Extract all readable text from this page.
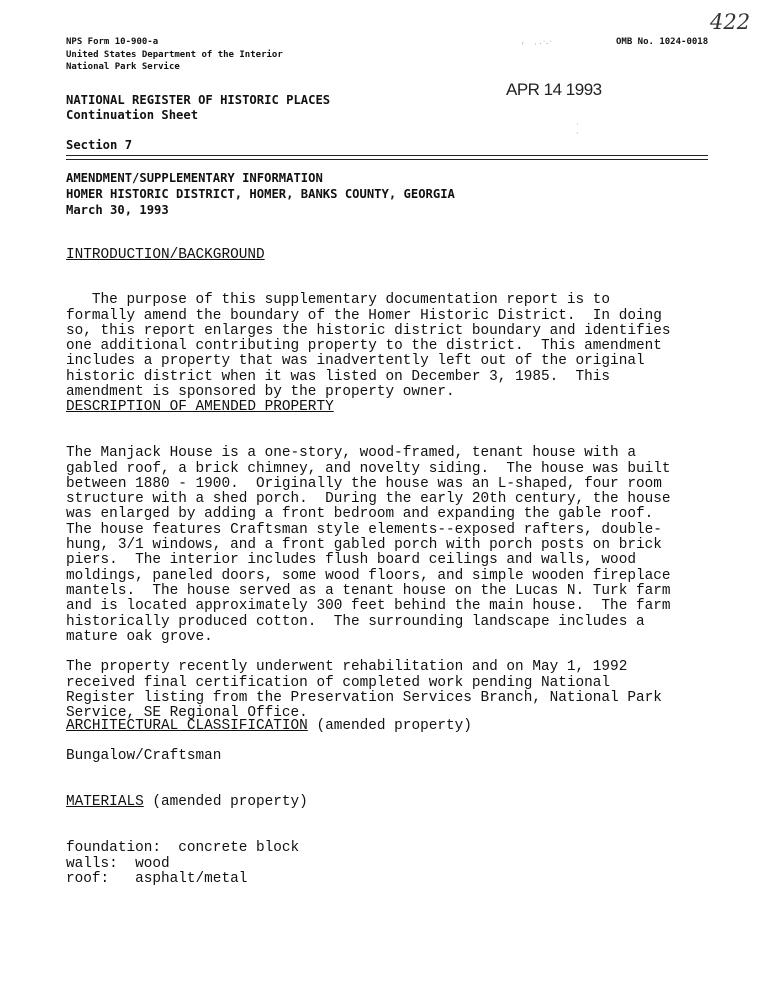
NPS Form 10-900-a
United States Department of the Interior
National Park Service
OMB No. 1024-0018
422
ʳ    · ˑ˙ˑ˙
APR 14 1993
·
·
NATIONAL REGISTER OF HISTORIC PLACES
Continuation Sheet
Section 7
AMENDMENT/SUPPLEMENTARY INFORMATION
HOMER HISTORIC DISTRICT, HOMER, BANKS COUNTY, GEORGIA
March 30, 1993
INTRODUCTION/BACKGROUND

The purpose of this supplementary documentation report is to
formally amend the boundary of the Homer Historic District.  In doing
so, this report enlarges the historic district boundary and identifies
one additional contributing property to the district.  This amendment
includes a property that was inadvertently left out of the original
historic district when it was listed on December 3, 1985.  This
amendment is sponsored by the property owner.
DESCRIPTION OF AMENDED PROPERTY

The Manjack House is a one-story, wood-framed, tenant house with a
gabled roof, a brick chimney, and novelty siding.  The house was built
between 1880 - 1900.  Originally the house was an L-shaped, four room
structure with a shed porch.  During the early 20th century, the house
was enlarged by adding a front bedroom and expanding the gable roof.
The house features Craftsman style elements--exposed rafters, double-
hung, 3/1 windows, and a front gabled porch with porch posts on brick
piers.  The interior includes flush board ceilings and walls, wood
moldings, paneled doors, some wood floors, and simple wooden fireplace
mantels.  The house served as a tenant house on the Lucas N. Turk farm
and is located approximately 300 feet behind the main house.  The farm
historically produced cotton.  The surrounding landscape includes a
mature oak grove.

The property recently underwent rehabilitation and on May 1, 1992
received final certification of completed work pending National
Register listing from the Preservation Services Branch, National Park
Service, SE Regional Office.
ARCHITECTURAL CLASSIFICATION (amended property)
Bungalow/Craftsman
MATERIALS (amended property)

foundation:  concrete block
walls:  wood
roof:   asphalt/metal
